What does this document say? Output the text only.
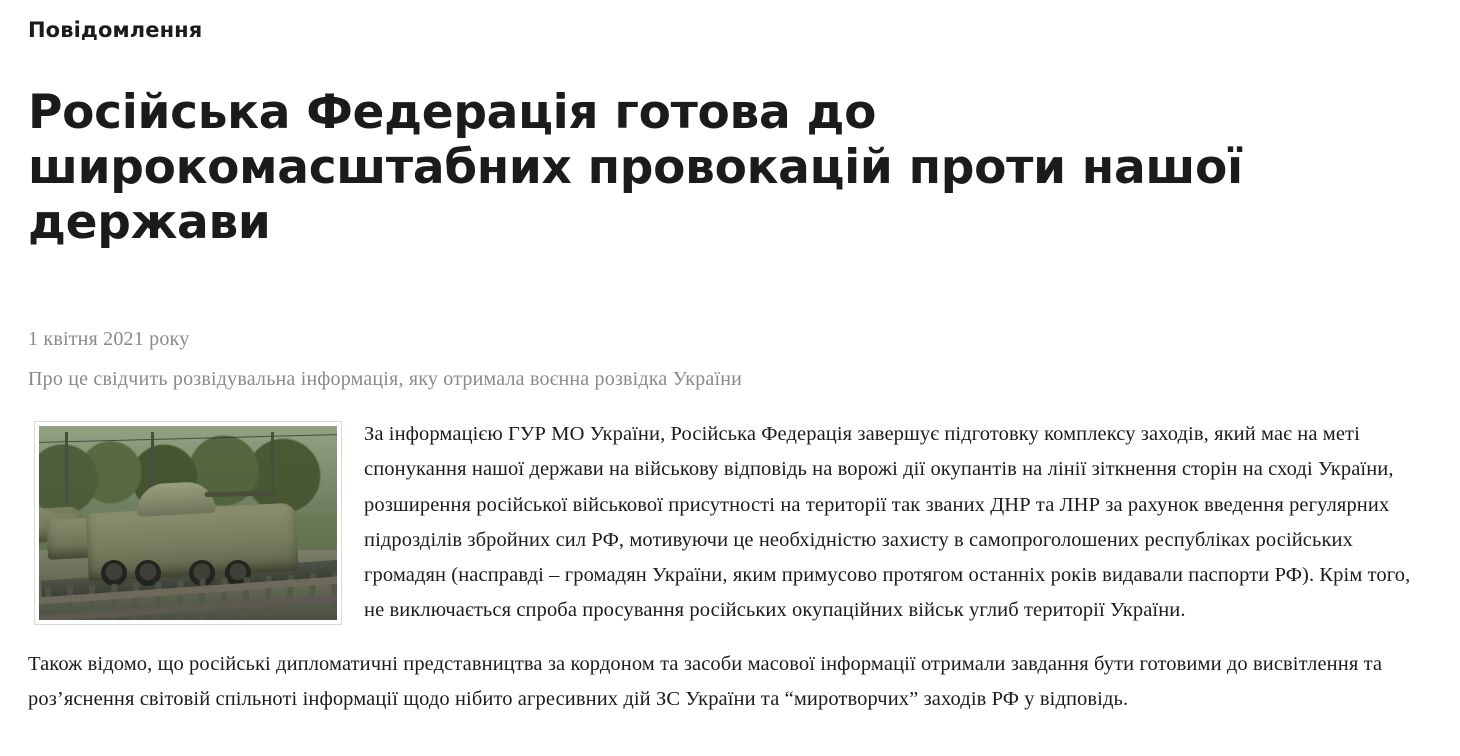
Повідомлення
Російська Федерація готова до широкомасштабних провокацій проти нашої держави
1 квітня 2021 року
Про це свідчить розвідувальна інформація, яку отримала воєнна розвідка України

За інформацією ГУР МО України, Російська Федерація завершує підготовку комплексу заходів, який має на меті спонукання нашої держави на військову відповідь на ворожі дії окупантів на лінії зіткнення сторін на сході України, розширення російської військової присутності на території так званих ДНР та ЛНР за рахунок введення регулярних підрозділів збройних сил РФ, мотивуючи це необхідністю захисту в самопроголошених республіках російських громадян (насправді – громадян України, яким примусово протягом останніх років видавали паспорти РФ). Крім того, не виключається спроба просування російських окупаційних військ углиб території України.

Також відомо, що російські дипломатичні представництва за кордоном та засоби масової інформації отримали завдання бути готовими до висвітлення та роз’яснення світовій спільноті інформації щодо нібито агресивних дій ЗС України та “миротворчих” заходів РФ у відповідь.
